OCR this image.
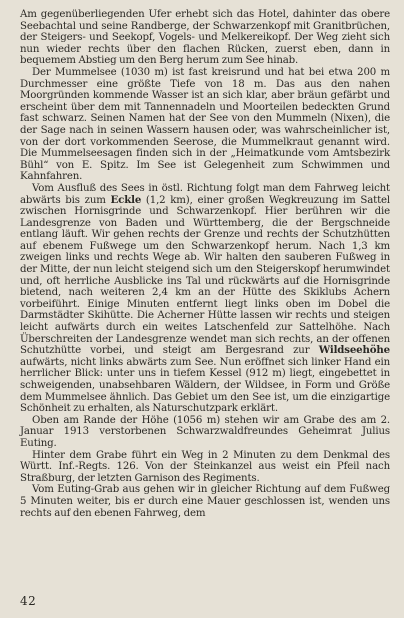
Am gegenüberliegenden Ufer erhebt sich das Hotel, dahinter das obere Seebachtal und seine Randberge, der Schwarzenkopf mit Granitbrüchen, der Steigers- und Seekopf, Vogels- und Melkereikopf. Der Weg zieht sich nun wieder rechts über den flachen Rücken, zuerst eben, dann in bequemem Abstieg um den Berg herum zum See hinab.

Der Mummelsee (1030 m) ist fast kreisrund und hat bei etwa 200 m Durchmesser eine größte Tiefe von 18 m. Das aus den nahen Moorgründen kommende Wasser ist an sich klar, aber bräun gefärbt und erscheint über dem mit Tannennadeln und Moorteilen bedeckten Grund fast schwarz. Seinen Namen hat der See von den Mummeln (Nixen), die der Sage nach in seinen Wassern hausen oder, was wahrscheinlicher ist, von der dort vorkommenden Seerose, die Mummelkraut genannt wird. Die Mummelseesagen finden sich in der „Heimatkunde vom Amtsbezirk Bühl“ von E. Spitz. Im See ist Gelegenheit zum Schwimmen und Kahnfahren.

Vom Ausfluß des Sees in östl. Richtung folgt man dem Fahrweg leicht abwärts bis zum Eckle (1,2 km), einer großen Wegkreuzung im Sattel zwischen Hornisgrinde und Schwarzenkopf. Hier berühren wir die Landesgrenze von Baden und Württemberg, die der Bergschneide entlang läuft. Wir gehen rechts der Grenze und rechts der Schutzhütten auf ebenem Fußwege um den Schwarzenkopf herum. Nach 1,3 km zweigen links und rechts Wege ab. Wir halten den sauberen Fußweg in der Mitte, der nun leicht steigend sich um den Steigerskopf herumwindet und, oft herrliche Ausblicke ins Tal und rückwärts auf die Hornisgrinde bietend, nach weiteren 2,4 km an der Hütte des Skiklubs Achern vorbeiführt. Einige Minuten entfernt liegt links oben im Dobel die Darmstädter Skihütte. Die Acherner Hütte lassen wir rechts und steigen leicht aufwärts durch ein weites Latschenfeld zur Sattelhöhe. Nach Überschreiten der Landesgrenze wendet man sich rechts, an der offenen Schutzhütte vorbei, und steigt am Bergesrand zur Wildseehöhe aufwärts, nicht links abwärts zum See. Nun eröffnet sich linker Hand ein herrlicher Blick: unter uns in tiefem Kessel (912 m) liegt, eingebettet in schweigenden, unabsehbaren Wäldern, der Wildsee, in Form und Größe dem Mummelsee ähnlich. Das Gebiet um den See ist, um die einzigartige Schönheit zu erhalten, als Naturschutzpark erklärt.

Oben am Rande der Höhe (1056 m) stehen wir am Grabe des am 2. Januar 1913 verstorbenen Schwarzwaldfreundes Geheimrat Julius Euting.

Hinter dem Grabe führt ein Weg in 2 Minuten zu dem Denkmal des Württ. Inf.-Regts. 126. Von der Steinkanzel aus weist ein Pfeil nach Straßburg, der letzten Garnison des Regiments.

Vom Euting-Grab aus gehen wir in gleicher Richtung auf dem Fußweg 5 Minuten weiter, bis er durch eine Mauer geschlossen ist, wenden uns rechts auf den ebenen Fahrweg, dem

42
